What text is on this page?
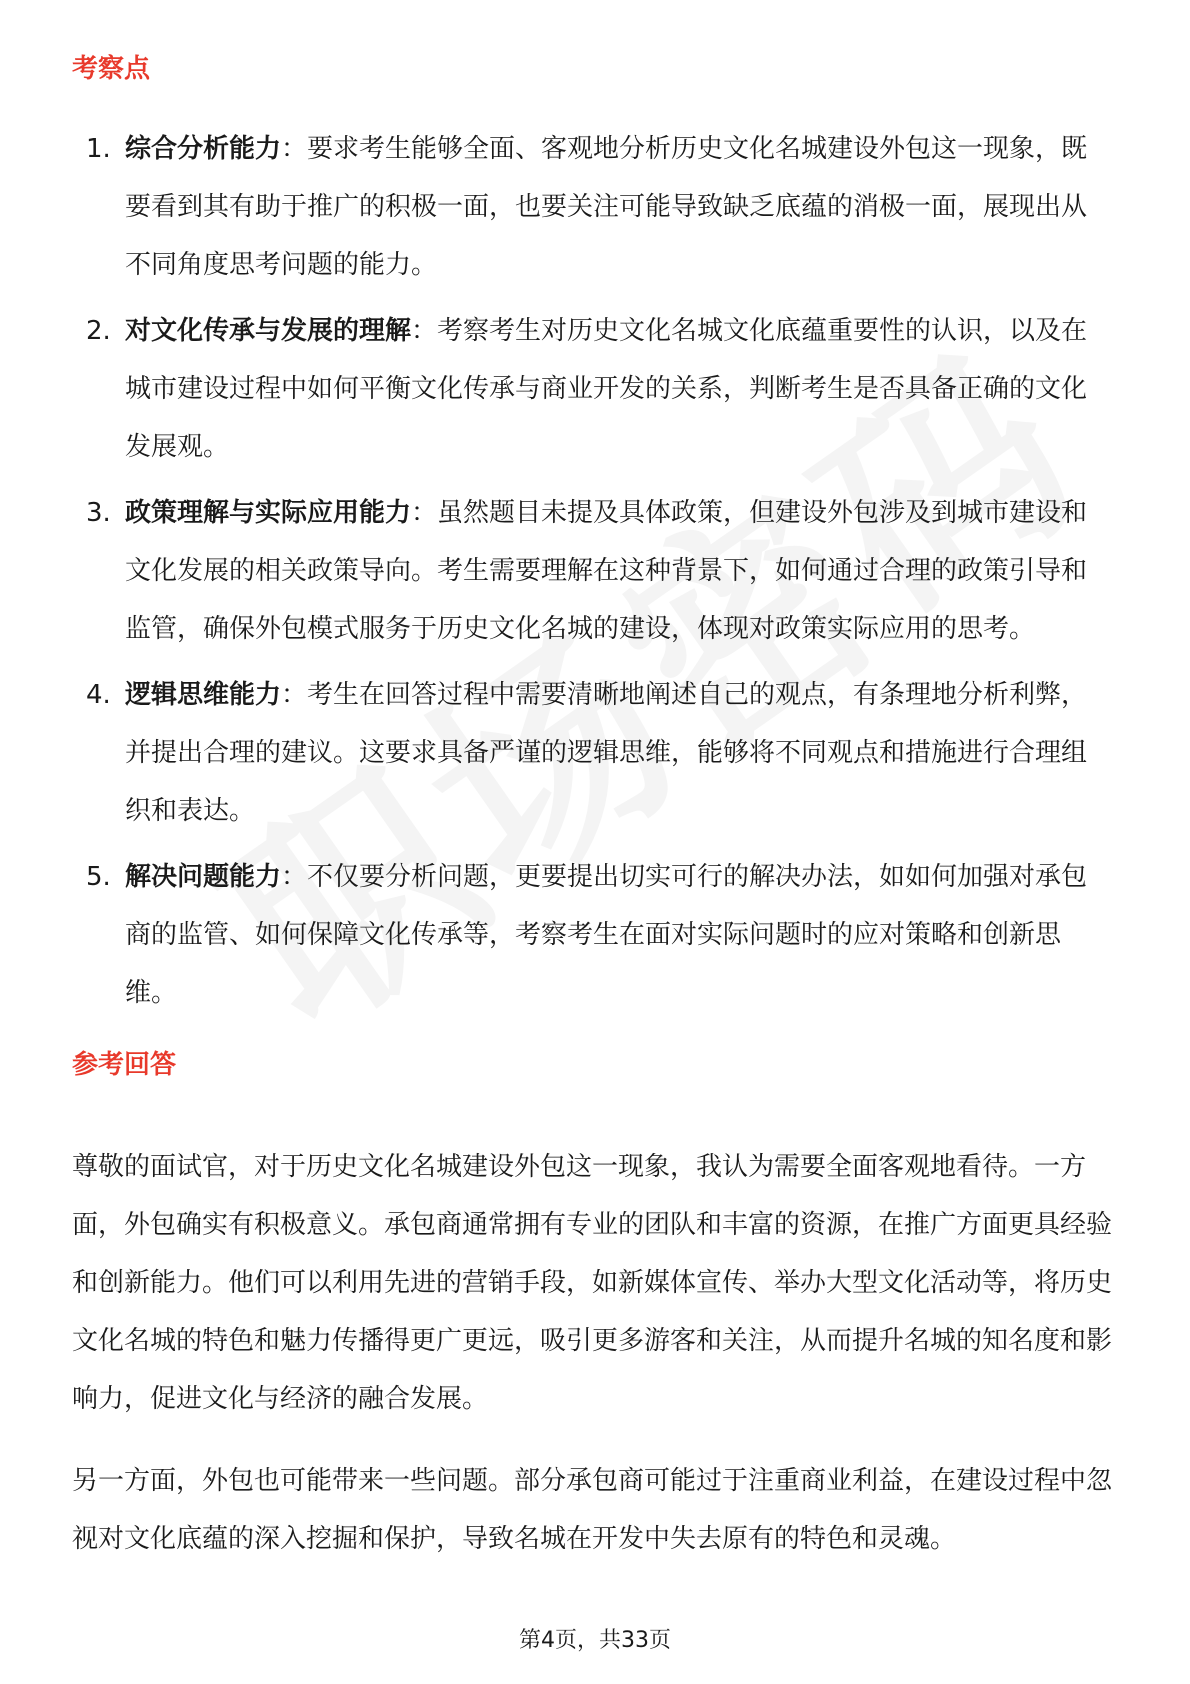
考察点
1. 综合分析能力：要求考生能够全面、客观地分析历史文化名城建设外包这一现象，既要看到其有助于推广的积极一面，也要关注可能导致缺乏底蕴的消极一面，展现出从不同角度思考问题的能力。
2. 对文化传承与发展的理解：考察考生对历史文化名城文化底蕴重要性的认识，以及在城市建设过程中如何平衡文化传承与商业开发的关系，判断考生是否具备正确的文化发展观。
3. 政策理解与实际应用能力：虽然题目未提及具体政策，但建设外包涉及到城市建设和文化发展的相关政策导向。考生需要理解在这种背景下，如何通过合理的政策引导和监管，确保外包模式服务于历史文化名城的建设，体现对政策实际应用的思考。
4. 逻辑思维能力：考生在回答过程中需要清晰地阐述自己的观点，有条理地分析利弊，并提出合理的建议。这要求具备严谨的逻辑思维，能够将不同观点和措施进行合理组织和表达。
5. 解决问题能力：不仅要分析问题，更要提出切实可行的解决办法，如如何加强对承包商的监管、如何保障文化传承等，考察考生在面对实际问题时的应对策略和创新思维。
参考回答

尊敬的面试官，对于历史文化名城建设外包这一现象，我认为需要全面客观地看待。一方面，外包确实有积极意义。承包商通常拥有专业的团队和丰富的资源，在推广方面更具经验和创新能力。他们可以利用先进的营销手段，如新媒体宣传、举办大型文化活动等，将历史文化名城的特色和魅力传播得更广更远，吸引更多游客和关注，从而提升名城的知名度和影响力，促进文化与经济的融合发展。

另一方面，外包也可能带来一些问题。部分承包商可能过于注重商业利益，在建设过程中忽视对文化底蕴的深入挖掘和保护，导致名城在开发中失去原有的特色和灵魂。

第4页，共33页
